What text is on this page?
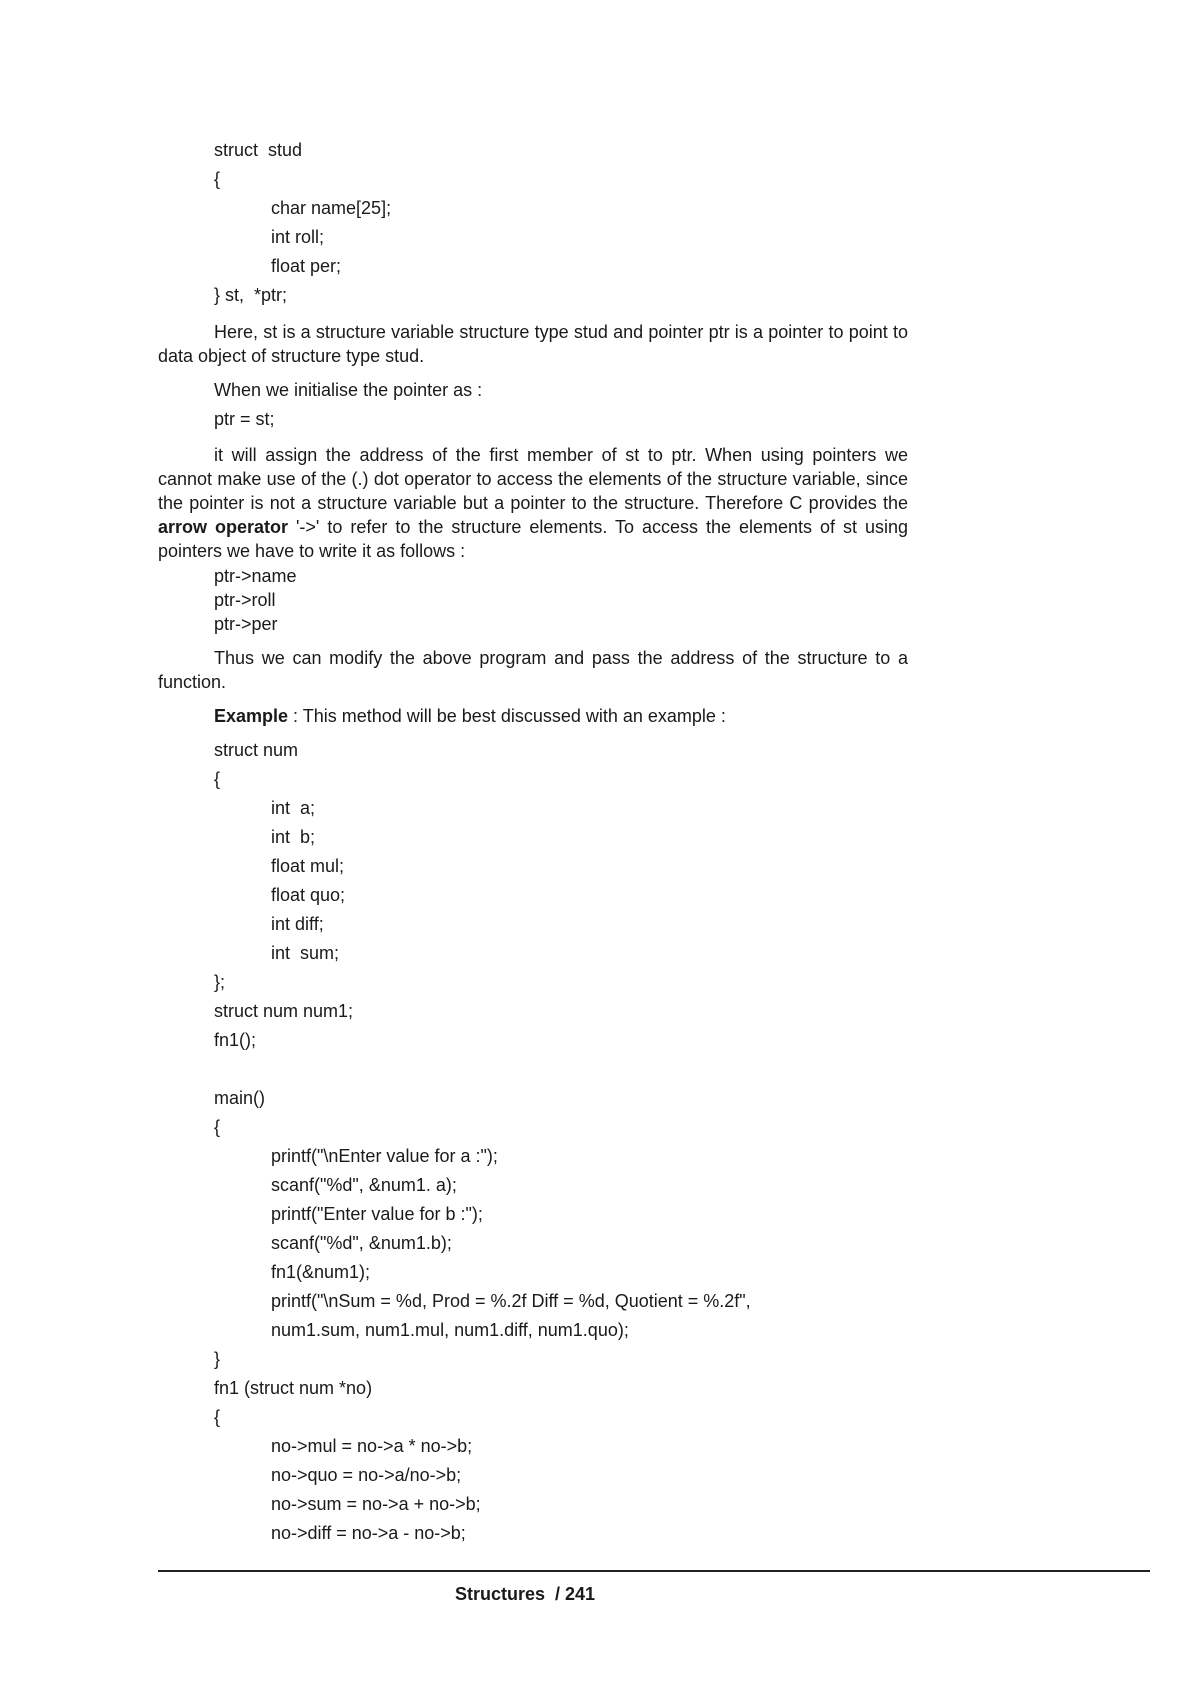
struct  stud
{
char name[25];
int roll;
float per;
} st,  *ptr;

Here, st is a structure variable structure type stud and pointer ptr is a pointer to point to data object of structure type stud.

When we initialise the pointer as :
ptr = st;

it will assign the address of the first member of st to ptr. When using pointers we cannot make use of the (.) dot operator to access the elements of the structure variable, since the pointer is not a structure variable but a pointer to the structure. Therefore C provides the arrow operator '->' to refer to the structure elements. To access the elements of st using pointers we have to write it as follows :

ptr->name
ptr->roll
ptr->per

Thus we can modify the above program and pass the address of the structure to a function.

Example : This method will be best discussed with an example :
struct num
{
int  a;
int  b;
float mul;
float quo;
int diff;
int  sum;
};
struct num num1;
fn1();
main()
{
printf("\nEnter value for a :");
scanf("%d", &num1. a);
printf("Enter value for b :");
scanf("%d", &num1.b);
fn1(&num1);
printf("\nSum = %d, Prod = %.2f Diff = %d, Quotient = %.2f",
num1.sum, num1.mul, num1.diff, num1.quo);
}
fn1 (struct num *no)
{
no->mul = no->a * no->b;
no->quo = no->a/no->b;
no->sum = no->a + no->b;
no->diff = no->a - no->b;
Structures  / 241
